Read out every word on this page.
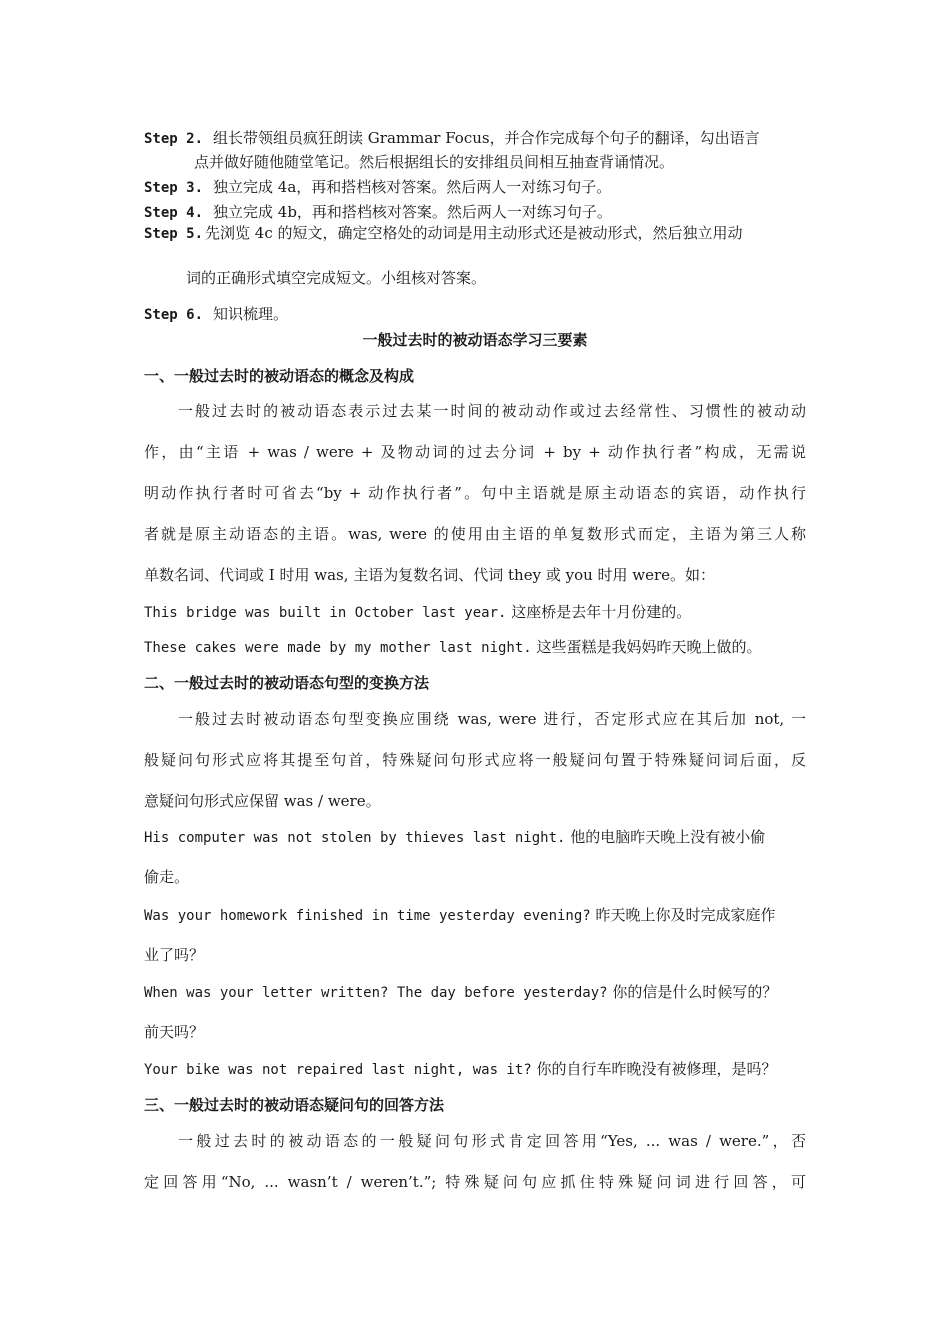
Step 2. 组长带领组员疯狂朗读 Grammar Focus，并合作完成每个句子的翻译，勾出语言
点并做好随他随堂笔记。然后根据组长的安排组员间相互抽查背诵情况。
Step 3. 独立完成 4a，再和搭档核对答案。然后两人一对练习句子。
Step 4. 独立完成 4b，再和搭档核对答案。然后两人一对练习句子。
Step 5. 先浏览 4c 的短文，确定空格处的动词是用主动形式还是被动形式，然后独立用动
词的正确形式填空完成短文。小组核对答案。
Step 6. 知识梳理。
一般过去时的被动语态学习三要素
一、一般过去时的被动语态的概念及构成
一般过去时的被动语态表示过去某一时间的被动动作或过去经常性、习惯性的被动动
作，由“主语 + was / were + 及物动词的过去分词 + by + 动作执行者”构成，无需说
明动作执行者时可省去“by + 动作执行者”。句中主语就是原主动语态的宾语，动作执行
者就是原主动语态的主语。was, were 的使用由主语的单复数形式而定，主语为第三人称
单数名词、代词或 I 时用 was, 主语为复数名词、代词 they 或 you 时用 were。如：
This bridge was built in October last year. 这座桥是去年十月份建的。
These cakes were made by my mother last night. 这些蛋糕是我妈妈昨天晚上做的。
二、一般过去时的被动语态句型的变换方法
一般过去时被动语态句型变换应围绕 was, were 进行，否定形式应在其后加 not, 一
般疑问句形式应将其提至句首，特殊疑问句形式应将一般疑问句置于特殊疑问词后面，反
意疑问句形式应保留 was / were。
His computer was not stolen by thieves last night. 他的电脑昨天晚上没有被小偷
偷走。
Was your homework finished in time yesterday evening? 昨天晚上你及时完成家庭作
业了吗？
When was your letter written? The day before yesterday? 你的信是什么时候写的？
前天吗？
Your bike was not repaired last night, was it? 你的自行车昨晚没有被修理，是吗？
三、一般过去时的被动语态疑问句的回答方法
一般过去时的被动语态的一般疑问句形式肯定回答用“Yes, ... was / were.”，否
定回答用“No, ... wasn’t / weren’t.”; 特殊疑问句应抓住特殊疑问词进行回答，可
